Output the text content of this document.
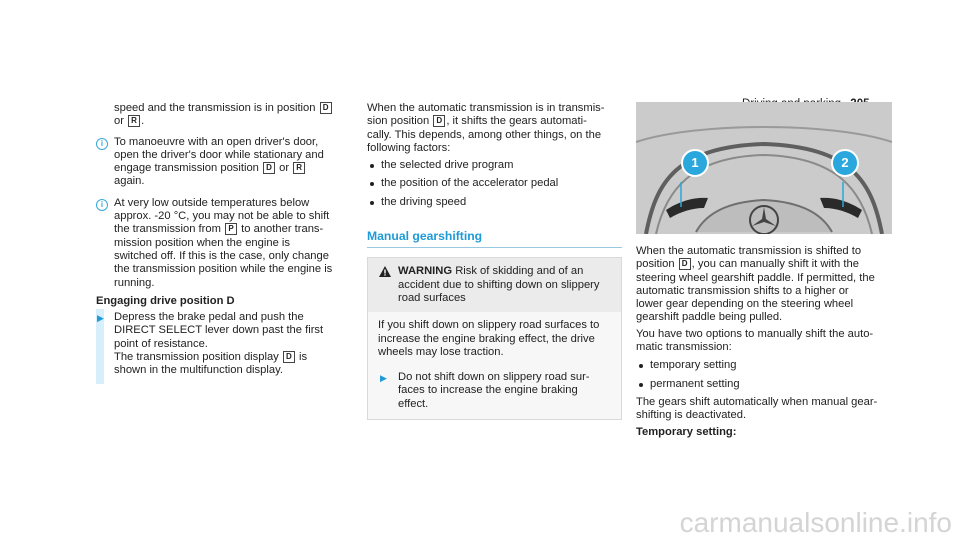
speed and the transmission is in position D
or R .
i To manoeuvre with an open driver's door,
open the driver's door while stationary and
engage transmission position D or R
again.
i At very low outside temperatures below
approx. -20 °C, you may not be able to shift
the transmission from P to another trans-
mission position when the engine is
switched off. If this is the case, only change
the transmission position while the engine is
running.
Engaging drive position D
▶ Depress the brake pedal and push the
DIRECT SELECT lever down past the first
point of resistance.
The transmission position display D is
shown in the multifunction display.
When the automatic transmission is in transmis-
sion position D , it shifts the gears automati-
cally. This depends, among other things, on the
following factors:
the selected drive program
the position of the accelerator pedal
the driving speed
Manual gearshifting
WARNING Risk of skidding and of an
accident due to shifting down on slippery
road surfaces
If you shift down on slippery road surfaces to
increase the engine braking effect, the drive
wheels may lose traction.
▶ Do not shift down on slippery road sur-
faces to increase the engine braking
effect.
1	2
When the automatic transmission is shifted to
position D , you can manually shift it with the
steering wheel gearshift paddle. If permitted, the
automatic transmission shifts to a higher or
lower gear depending on the steering wheel
gearshift paddle being pulled.
You have two options to manually shift the auto-
matic transmission:
temporary setting
permanent setting
The gears shift automatically when manual gear-
shifting is deactivated.
Temporary setting:
carmanualsonline.info
